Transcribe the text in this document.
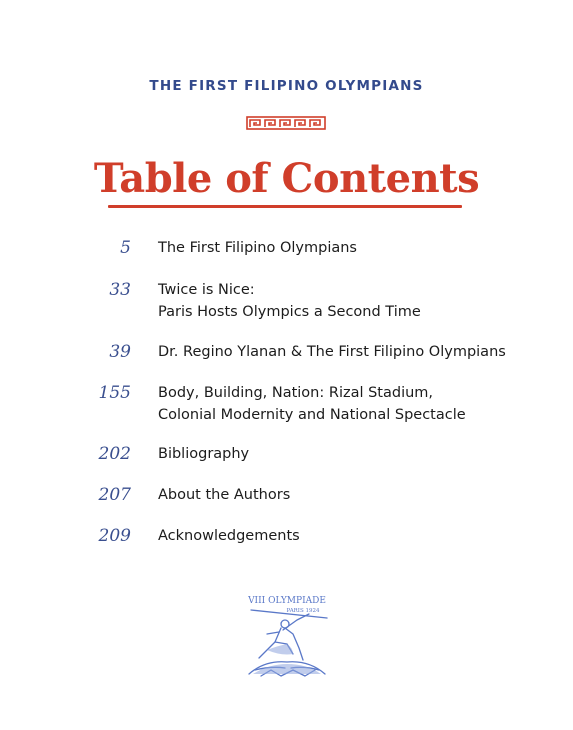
THE FIRST FILIPINO OLYMPIANS
Table of Contents
5 The First Filipino Olympians
33 Twice is Nice:
Paris Hosts Olympics a Second Time
39 Dr. Regino Ylanan & The First Filipino Olympians
155 Body, Building, Nation: Rizal Stadium,
Colonial Modernity and National Spectacle
202 Bibliography
207 About the Authors
209 Acknowledgements
VIII OLYMPIADE
PARIS 1924
